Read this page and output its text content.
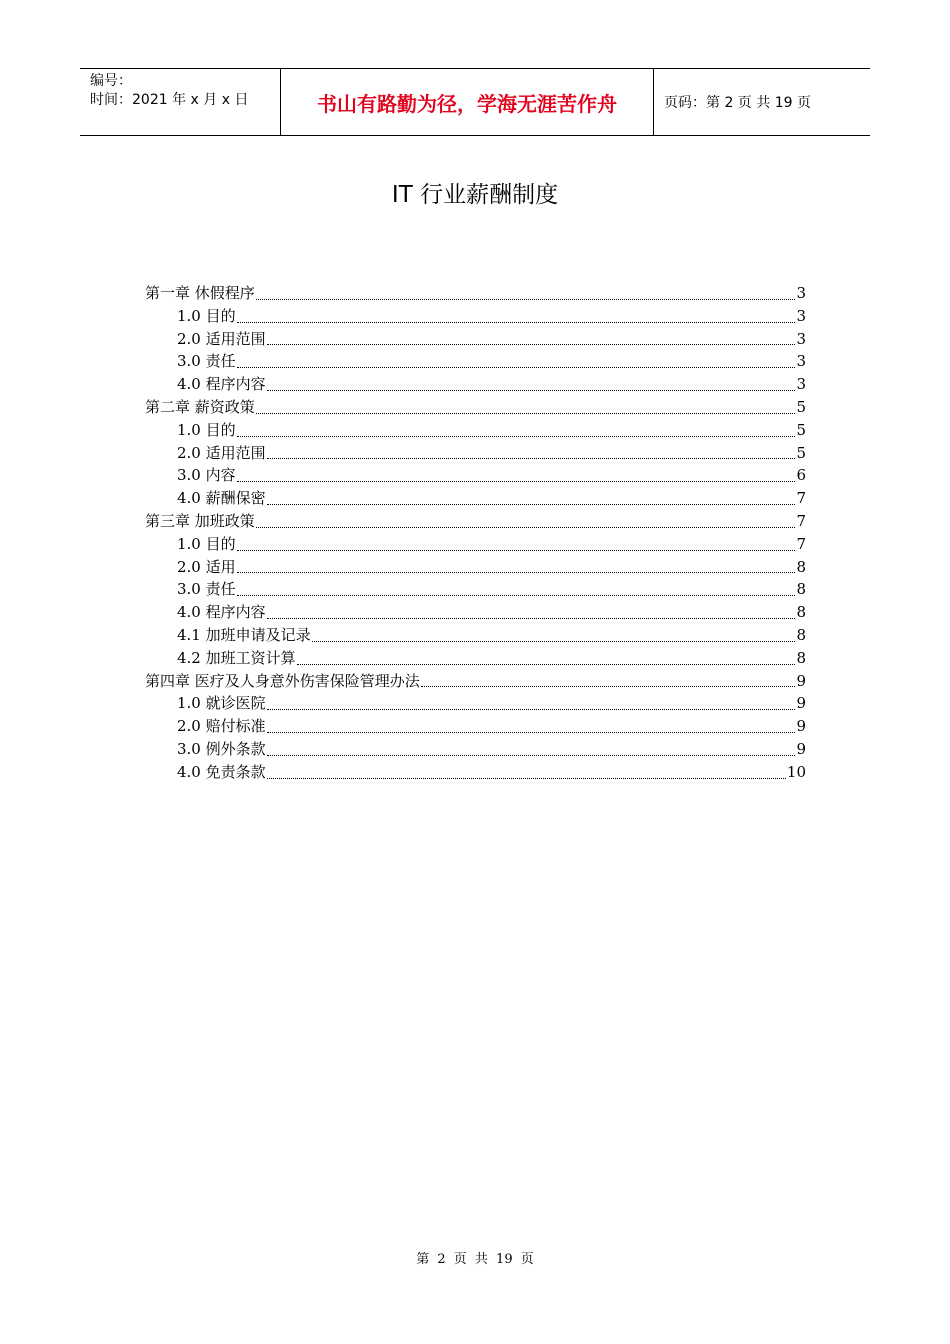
编号：
时间：2021 年 x 月 x 日	书山有路勤为径，学海无涯苦作舟	页码：第 2 页 共 19 页
IT 行业薪酬制度
第一章 休假程序	3
1.0 目的	3
2.0 适用范围	3
3.0 责任	3
4.0 程序内容	3
第二章 薪资政策	5
1.0 目的	5
2.0 适用范围	5
3.0 内容	6
4.0 薪酬保密	7
第三章 加班政策	7
1.0 目的	7
2.0 适用	8
3.0 责任	8
4.0 程序内容	8
4.1 加班申请及记录	8
4.2 加班工资计算	8
第四章 医疗及人身意外伤害保险管理办法	9
1.0 就诊医院	9
2.0 赔付标准	9
3.0 例外条款	9
4.0 免责条款	10
第 2 页 共 19 页
